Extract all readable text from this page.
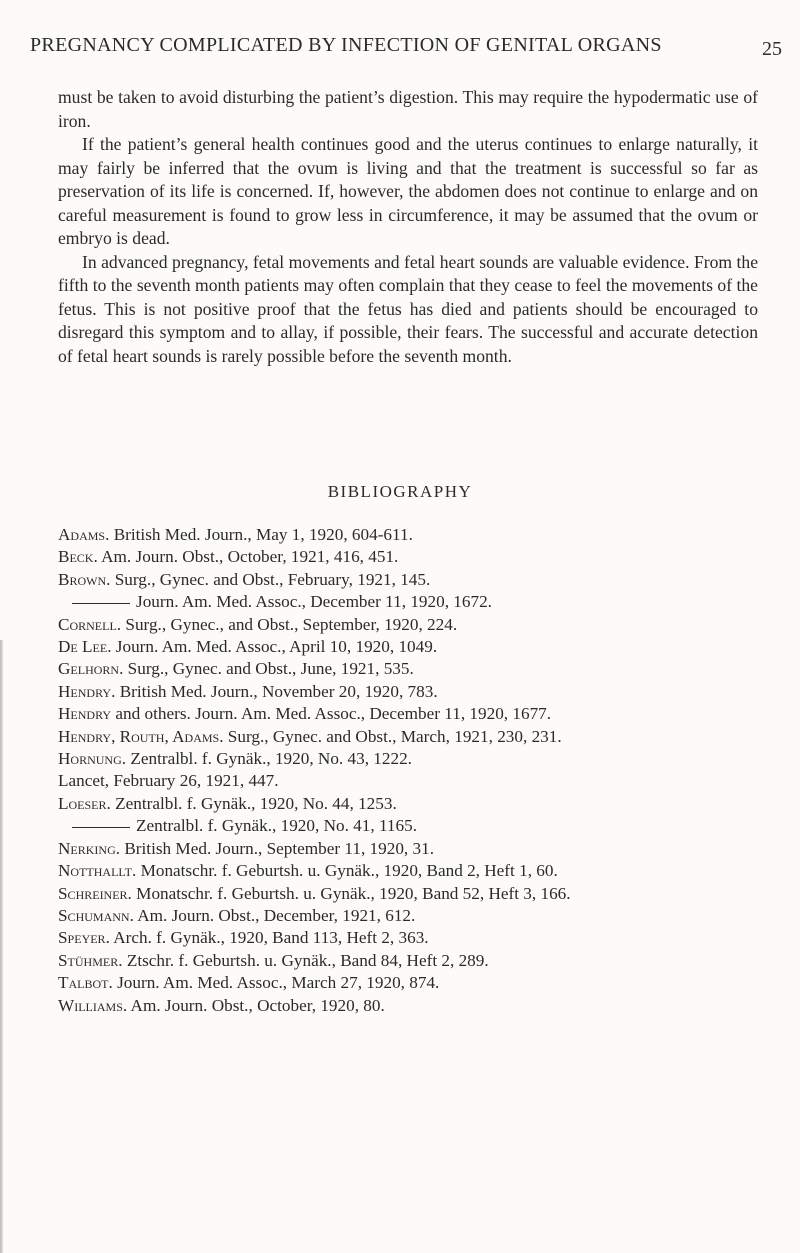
PREGNANCY COMPLICATED BY INFECTION OF GENITAL ORGANS	25

must be taken to avoid disturbing the patient’s digestion. This may require the hypodermatic use of iron.

If the patient’s general health continues good and the uterus continues to enlarge naturally, it may fairly be inferred that the ovum is living and that the treatment is successful so far as preservation of its life is concerned. If, however, the abdomen does not continue to enlarge and on careful measurement is found to grow less in circumference, it may be assumed that the ovum or embryo is dead.

In advanced pregnancy, fetal movements and fetal heart sounds are valuable evidence. From the fifth to the seventh month patients may often complain that they cease to feel the movements of the fetus. This is not positive proof that the fetus has died and patients should be encouraged to disregard this symptom and to allay, if possible, their fears. The successful and accurate detection of fetal heart sounds is rarely possible before the seventh month.

BIBLIOGRAPHY
Adams. British Med. Journ., May 1, 1920, 604-611.
Beck. Am. Journ. Obst., October, 1921, 416, 451.
Brown. Surg., Gynec. and Obst., February, 1921, 145.
Journ. Am. Med. Assoc., December 11, 1920, 1672.
Cornell. Surg., Gynec., and Obst., September, 1920, 224.
De Lee. Journ. Am. Med. Assoc., April 10, 1920, 1049.
Gelhorn. Surg., Gynec. and Obst., June, 1921, 535.
Hendry. British Med. Journ., November 20, 1920, 783.
Hendry and others. Journ. Am. Med. Assoc., December 11, 1920, 1677.
Hendry, Routh, Adams. Surg., Gynec. and Obst., March, 1921, 230, 231.
Hornung. Zentralbl. f. Gynäk., 1920, No. 43, 1222.
Lancet, February 26, 1921, 447.
Loeser. Zentralbl. f. Gynäk., 1920, No. 44, 1253.
Zentralbl. f. Gynäk., 1920, No. 41, 1165.
Nerking. British Med. Journ., September 11, 1920, 31.
Notthallt. Monatschr. f. Geburtsh. u. Gynäk., 1920, Band 2, Heft 1, 60.
Schreiner. Monatschr. f. Geburtsh. u. Gynäk., 1920, Band 52, Heft 3, 166.
Schumann. Am. Journ. Obst., December, 1921, 612.
Speyer. Arch. f. Gynäk., 1920, Band 113, Heft 2, 363.
Stühmer. Ztschr. f. Geburtsh. u. Gynäk., Band 84, Heft 2, 289.
Talbot. Journ. Am. Med. Assoc., March 27, 1920, 874.
Williams. Am. Journ. Obst., October, 1920, 80.
